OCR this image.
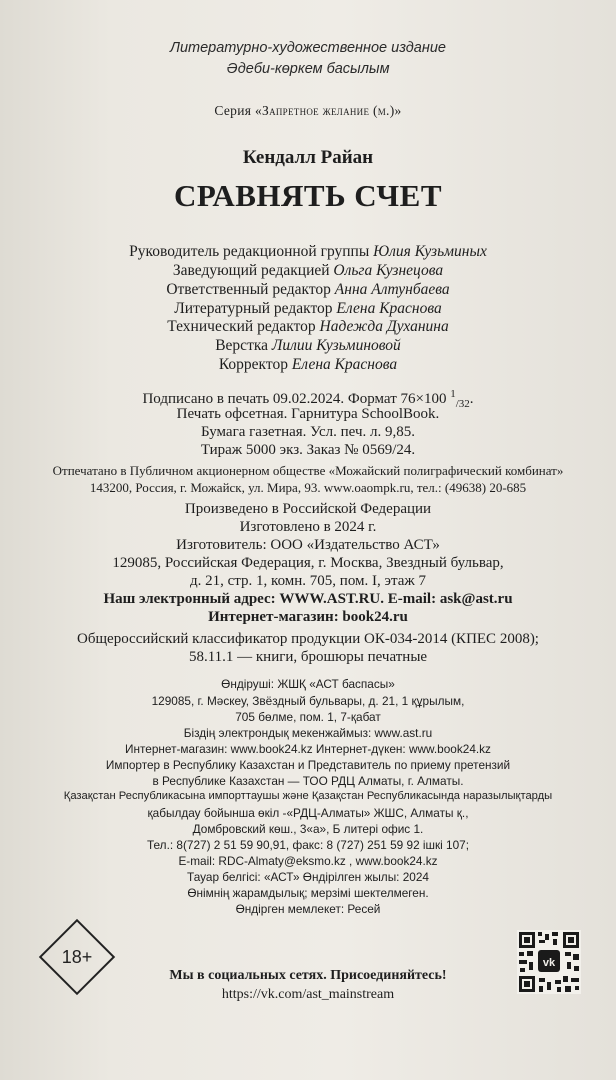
Литературно-художественное издание

Әдеби-көркем басылым

Серия «Запретное желание (м.)»

Кендалл Райан

СРАВНЯТЬ СЧЕТ

Руководитель редакционной группы Юлия Кузьминых

Заведующий редакцией Ольга Кузнецова

Ответственный редактор Анна Алтунбаева

Литературный редактор Елена Краснова

Технический редактор Надежда Духанина

Верстка Лилии Кузьминовой

Корректор Елена Краснова

Подписано в печать 09.02.2024. Формат 76×100 $^1_{/32}$.

Печать офсетная. Гарнитура SchoolBook.

Бумага газетная. Усл. печ. л. 9,85.

Тираж 5000 экз. Заказ № 0569/24.

Отпечатано в Публичном акционерном обществе «Можайский полиграфический комбинат»

143200, Россия, г. Можайск, ул. Мира, 93. www.oaompk.ru, тел.: (49638) 20-685

Произведено в Российской Федерации

Изготовлено в 2024 г.

Изготовитель: ООО «Издательство АСТ»

129085, Российская Федерация, г. Москва, Звездный бульвар,

д. 21, стр. 1, комн. 705, пом. I, этаж 7

Наш электронный адрес: WWW.AST.RU. E-mail: ask@ast.ru

Интернет-магазин: book24.ru

Общероссийский классификатор продукции ОК-034-2014 (КПЕС 2008);

58.11.1 — книги, брошюры печатные

Өндіруші: ЖШҚ «АСТ баспасы»

129085, г. Мәскеу, Звёздный бульвары, д. 21, 1 құрылым,

705 бөлме, пом. 1, 7-қабат

Біздің электрондық мекенжаймыз: www.ast.ru

Интернет-магазин: www.book24.kz Интернет-дүкен: www.book24.kz

Импортер в Республику Казахстан и Представитель по приему претензий

в Республике Казахстан — ТОО РДЦ Алматы, г. Алматы.

Қазақстан Республикасына импорттаушы және Қазақстан Республикасында наразылықтарды

қабылдау бойынша өкіл -«РДЦ-Алматы» ЖШС, Алматы қ.,

Домбровский көш., 3«а», Б литері офис 1.

Тел.: 8(727) 2 51 59 90,91, факс: 8 (727) 251 59 92 ішкі 107;

E-mail: RDC-Almaty@eksmo.kz , www.book24.kz

Тауар белгісі: «АСТ» Өндірілген жылы: 2024

Өнімнің жарамдылық; мерзімі шектелмеген.

Өндірген мемлекет: Ресей

18+

Мы в социальных сетях. Присоединяйтесь!

https://vk.com/ast_mainstream

vk
